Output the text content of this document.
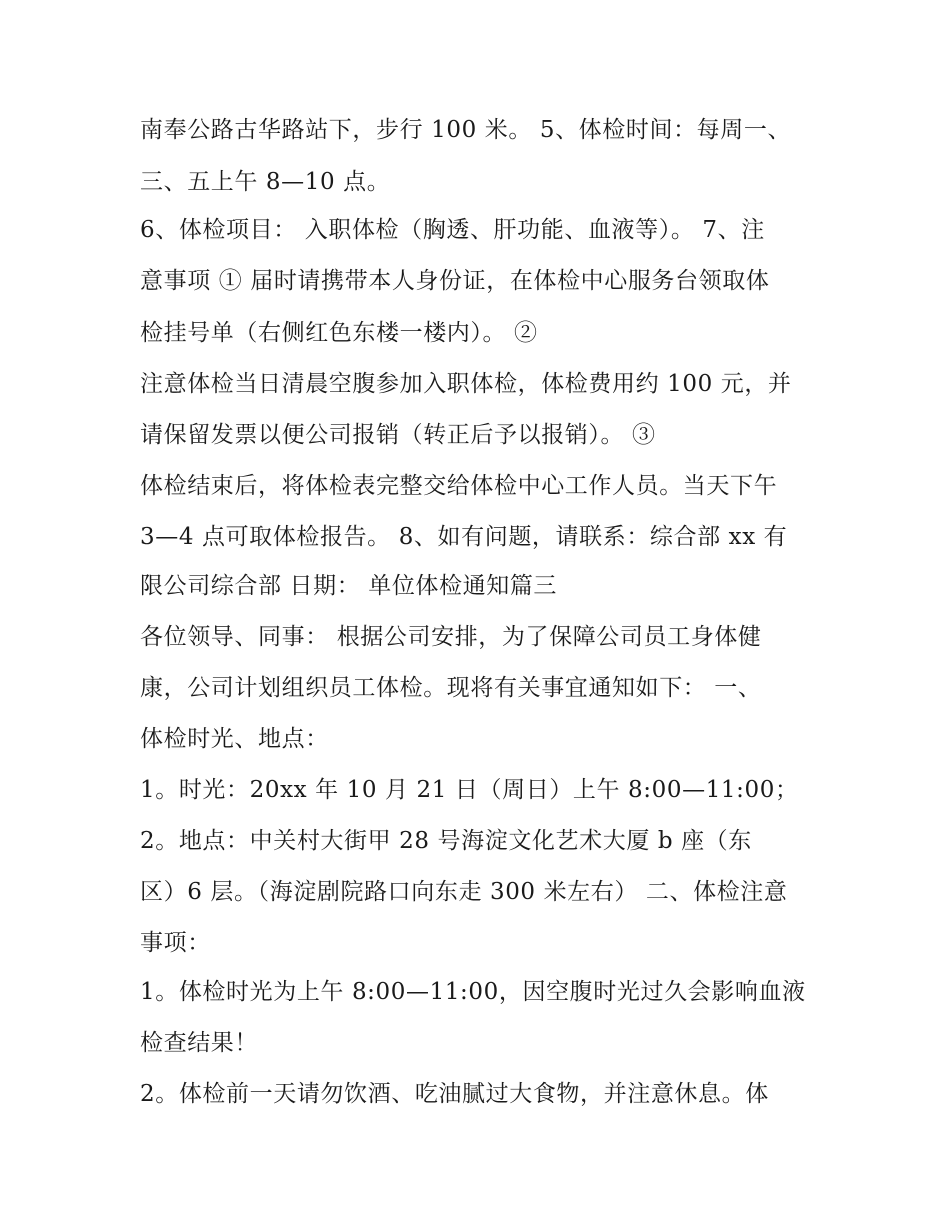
南奉公路古华路站下，步行 100 米。 5、体检时间：每周一、
三、五上午 8—10 点。
6、体检项目： 入职体检（胸透、肝功能、血液等）。 7、注
意事项 ① 届时请携带本人身份证，在体检中心服务台领取体
检挂号单（右侧红色东楼一楼内）。 ②
注意体检当日清晨空腹参加入职体检，体检费用约 100 元，并
请保留发票以便公司报销（转正后予以报销）。 ③
体检结束后，将体检表完整交给体检中心工作人员。当天下午
3—4 点可取体检报告。 8、如有问题，请联系：综合部 xx 有
限公司综合部 日期： 单位体检通知篇三
各位领导、同事： 根据公司安排，为了保障公司员工身体健
康，公司计划组织员工体检。现将有关事宜通知如下： 一、
体检时光、地点：
1。时光：20xx 年 10 月 21 日（周日）上午 8:00—11:00；
2。地点：中关村大街甲 28 号海淀文化艺术大厦 b 座（东
区）6 层。（海淀剧院路口向东走 300 米左右） 二、体检注意
事项：
1。体检时光为上午 8:00—11:00，因空腹时光过久会影响血液
检查结果！
2。体检前一天请勿饮酒、吃油腻过大食物，并注意休息。体
